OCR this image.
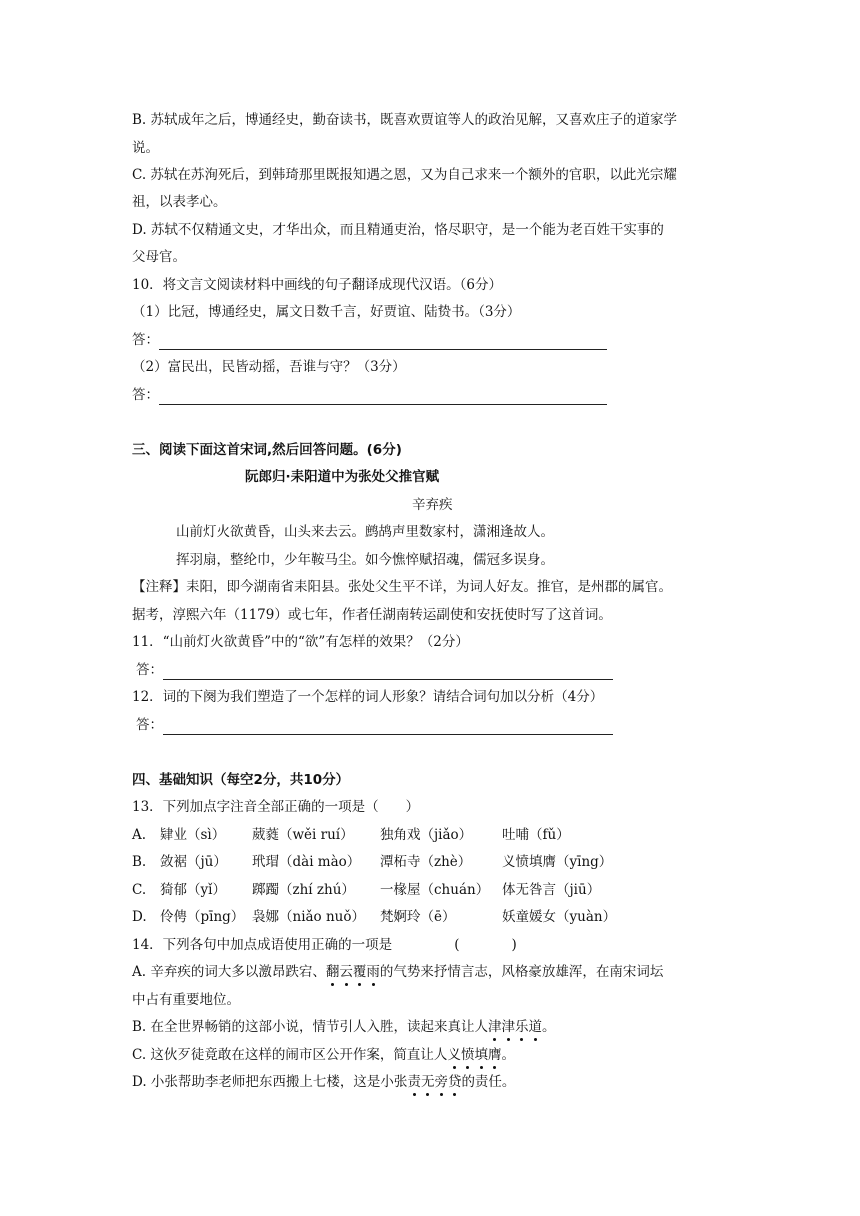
B. 苏轼成年之后，博通经史，勤奋读书，既喜欢贾谊等人的政治见解，又喜欢庄子的道家学
说。
C. 苏轼在苏洵死后，到韩琦那里既报知遇之恩，又为自己求来一个额外的官职，以此光宗耀
祖，以表孝心。
D. 苏轼不仅精通文史，才华出众，而且精通吏治，恪尽职守，是一个能为老百姓干实事的
父母官。
10．将文言文阅读材料中画线的句子翻译成现代汉语。（6分）
（1）比冠，博通经史，属文日数千言，好贾谊、陆贽书。（3分）
答：
（2）富民出，民皆动摇，吾谁与守？（3分）
答：
三、阅读下面这首宋词,然后回答问题。(6分)
阮郎归·耒阳道中为张处父推官赋
辛弃疾
山前灯火欲黄昏，山头来去云。鹧鸪声里数家村，潇湘逢故人。
挥羽扇，整纶巾，少年鞍马尘。如今憔悴赋招魂，儒冠多误身。
【注释】耒阳，即今湖南省耒阳县。张处父生平不详，为词人好友。推官，是州郡的属官。
据考，淳熙六年（1179）或七年，作者任湖南转运副使和安抚使时写了这首词。
11．“山前灯火欲黄昏”中的“欲”有怎样的效果？（2分）
答：
12．词的下阕为我们塑造了一个怎样的词人形象？请结合词句加以分析（4分）
答：
四、基础知识（每空2分，共10分）
13．下列加点字注音全部正确的一项是（　　）
A. 肄业（sì） 葳蕤（wěi ruí） 独角戏（jiǎo） 吐哺（fǔ）
B. 敛裾（jū） 玳瑁（dài mào） 潭柘寺（zhè） 义愤填膺（yīng）
C. 猗郁（yǐ） 踯躅（zhí zhú） 一椽屋（chuán） 体无咎言（jiū）
D. 伶俜（pīng） 袅娜（niǎo nuǒ） 梵婀玲（ē）	妖童媛女（yuàn）
14．下列各句中加点成语使用正确的一项是	(	)
A. 辛弃疾的词大多以激昂跌宕、翻云覆雨的气势来抒情言志，风格豪放雄浑，在南宋词坛
中占有重要地位。
B. 在全世界畅销的这部小说，情节引人入胜，读起来真让人津津乐道。
C. 这伙歹徒竟敢在这样的闹市区公开作案，简直让人义愤填膺。
D. 小张帮助李老师把东西搬上七楼，这是小张责无旁贷的责任。
